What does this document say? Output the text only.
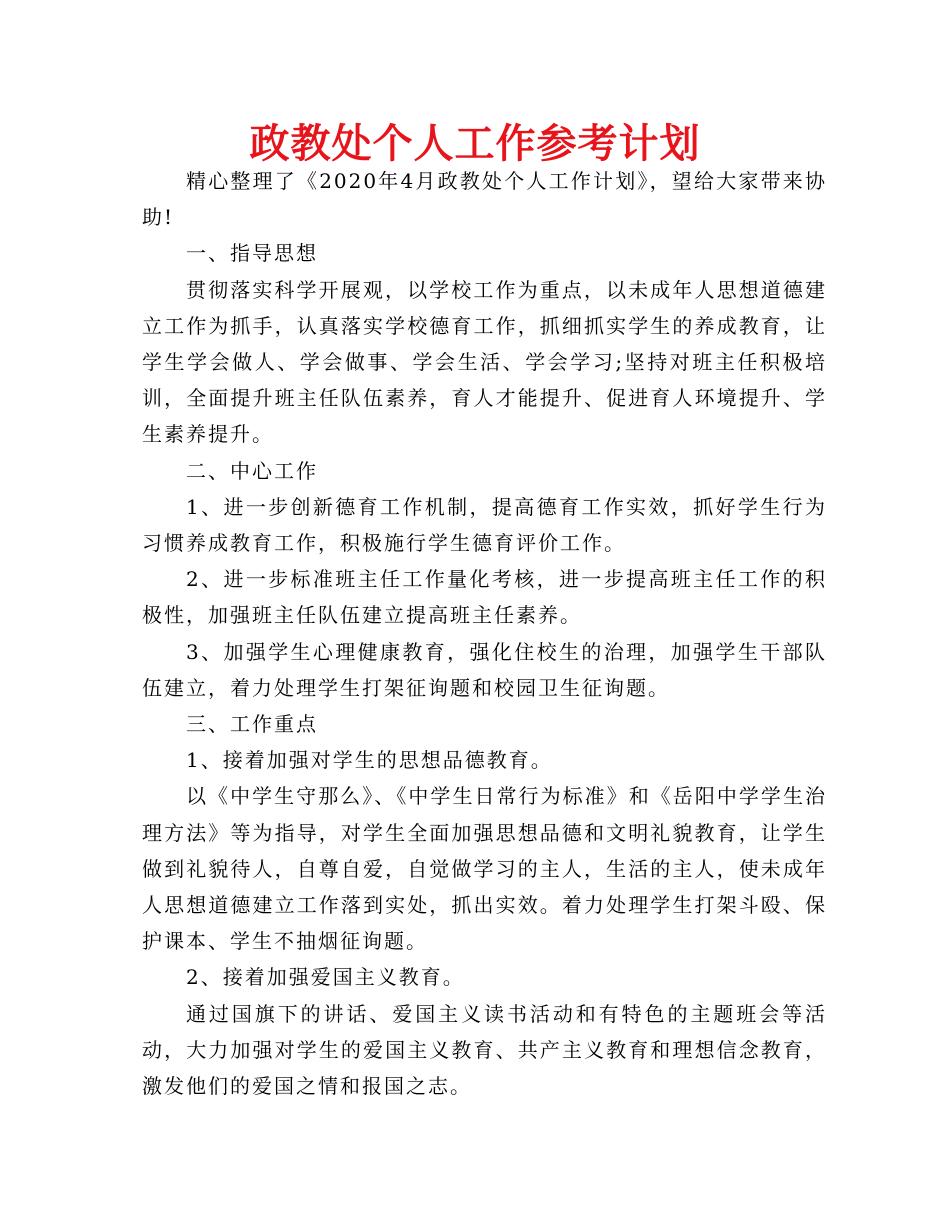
政教处个人工作参考计划

精心整理了《2020年4月政教处个人工作计划》，望给大家带来协助!

一、指导思想

贯彻落实科学开展观，以学校工作为重点，以未成年人思想道德建立工作为抓手，认真落实学校德育工作，抓细抓实学生的养成教育，让学生学会做人、学会做事、学会生活、学会学习;坚持对班主任积极培训，全面提升班主任队伍素养，育人才能提升、促进育人环境提升、学生素养提升。

二、中心工作

1、进一步创新德育工作机制，提高德育工作实效，抓好学生行为习惯养成教育工作，积极施行学生德育评价工作。

2、进一步标准班主任工作量化考核，进一步提高班主任工作的积极性，加强班主任队伍建立提高班主任素养。

3、加强学生心理健康教育，强化住校生的治理，加强学生干部队伍建立，着力处理学生打架征询题和校园卫生征询题。

三、工作重点

1、接着加强对学生的思想品德教育。

以《中学生守那么》、《中学生日常行为标准》和《岳阳中学学生治理方法》等为指导，对学生全面加强思想品德和文明礼貌教育，让学生做到礼貌待人，自尊自爱，自觉做学习的主人，生活的主人，使未成年人思想道德建立工作落到实处，抓出实效。着力处理学生打架斗殴、保护课本、学生不抽烟征询题。

2、接着加强爱国主义教育。

通过国旗下的讲话、爱国主义读书活动和有特色的主题班会等活动，大力加强对学生的爱国主义教育、共产主义教育和理想信念教育，激发他们的爱国之情和报国之志。
